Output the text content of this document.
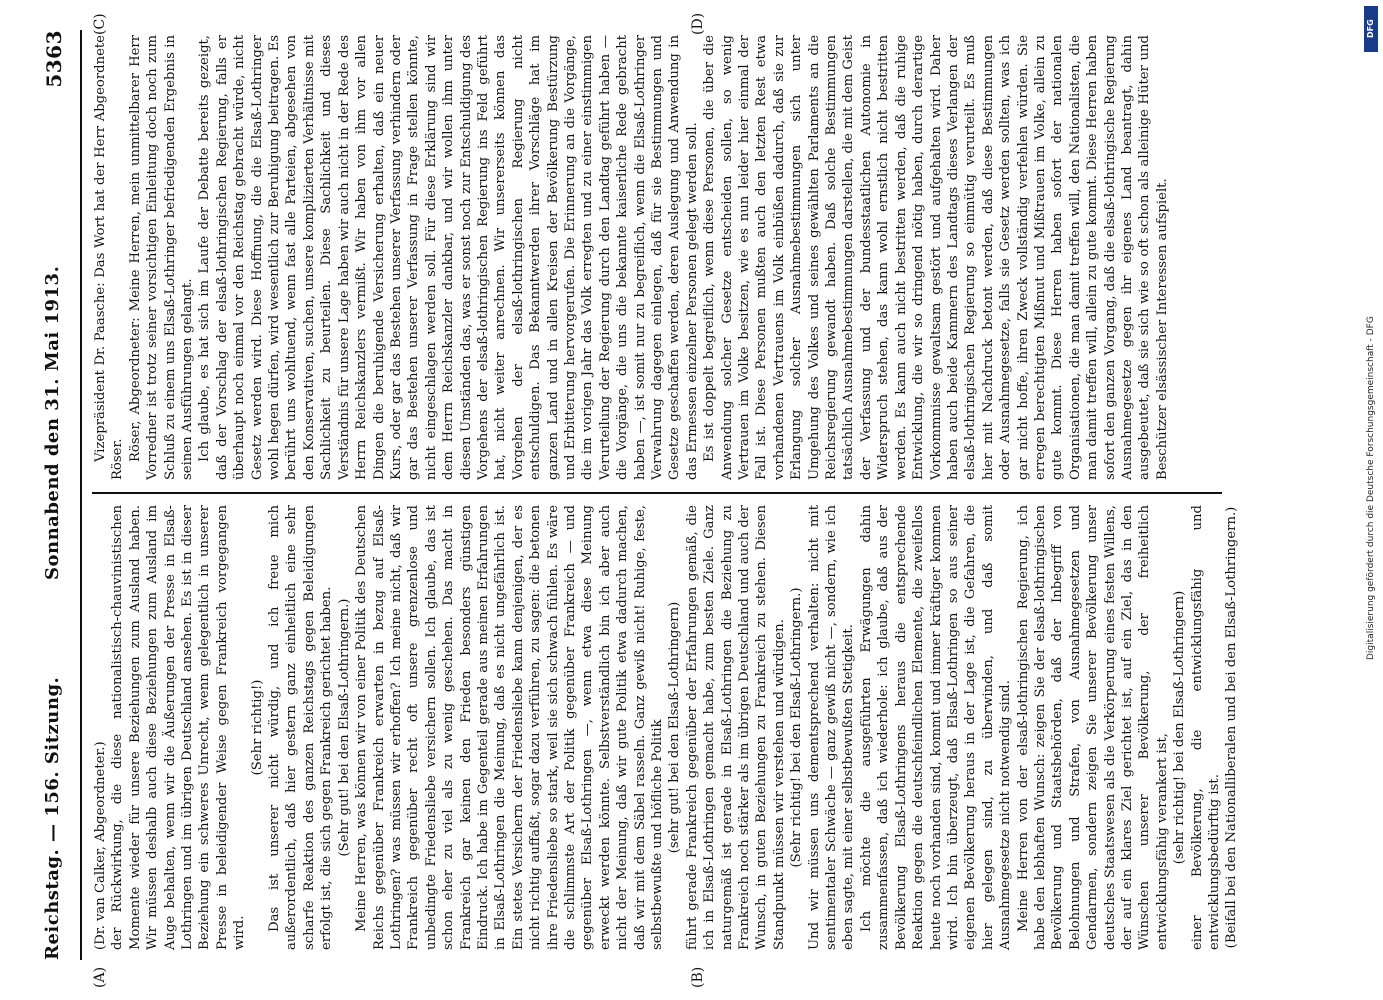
Reichstag. — 156. Sitzung.
Sonnabend den 31. Mai 1913.
5363
(A)	(B)
(C)	(D)

(Dr. van Calker, Abgeordneter.) der Rückwirkung, die diese nationalistisch-chauvinistischen Momente wieder für unsere Beziehungen zum Ausland haben. Wir müssen deshalb auch diese Beziehungen zum Ausland im Auge behalten, wenn wir die Äußerungen der Presse in Elsaß-Lothringen und im übrigen Deutschland ansehen. Es ist in dieser Beziehung ein schweres Unrecht, wenn gelegentlich in unserer Presse in beleidigender Weise gegen Frankreich vorgegangen wird.

(Sehr richtig!) Das ist unserer nicht würdig, und ich freue mich außerordentlich, daß hier gestern ganz einheitlich eine sehr scharfe Reaktion des ganzen Reichstags gegen Beleidigungen erfolgt ist, die sich gegen Frankreich gerichtet haben. (Sehr gut! bei den Elsaß-Lothringern.) Meine Herren, was können wir von einer Politik des Deutschen Reichs gegenüber Frankreich erwarten in bezug auf Elsaß-Lothringen? was müssen wir erhoffen? Ich meine nicht, daß wir Frankreich gegenüber recht oft unsere grenzenlose und unbedingte Friedensliebe versichern sollen. Ich glaube, das ist schon eher zu viel als zu wenig geschehen. Das macht in Frankreich gar keinen den Frieden besonders günstigen Eindruck. Ich habe im Gegenteil gerade aus meinen Erfahrungen in Elsaß-Lothringen die Meinung, daß es nicht ungefährlich ist. Ein stetes Versichern der Friedensliebe kann denjenigen, der es nicht richtig auffaßt, sogar dazu verführen, zu sagen: die betonen ihre Friedensliebe so stark, weil sie sich schwach fühlen. Es wäre die schlimmste Art der Politik gegenüber Frankreich — und gegenüber Elsaß-Lothringen —, wenn etwa diese Meinung erweckt werden könnte. Selbstverständlich bin ich aber auch nicht der Meinung, daß wir gute Politik etwa dadurch machen, daß wir mit dem Säbel rasseln. Ganz gewiß nicht! Ruhige, feste, selbstbewußte und höfliche Politik (sehr gut! bei den Elsaß-Lothringern) führt gerade Frankreich gegenüber der Erfahrungen gemäß, die ich in Elsaß-Lothringen gemacht habe, zum besten Ziele. Ganz naturgemäß ist gerade in Elsaß-Lothringen die Beziehung zu Frankreich noch stärker als im übrigen Deutschland und auch der Wunsch, in guten Beziehungen zu Frankreich zu stehen. Diesen Standpunkt müssen wir verstehen und würdigen. (Sehr richtig! bei den Elsaß-Lothringern.) Und wir müssen uns dementsprechend verhalten: nicht mit sentimentaler Schwäche — ganz gewiß nicht —, sondern, wie ich eben sagte, mit einer selbstbewußten Stetigkeit. Ich möchte die ausgeführten Erwägungen dahin zusammenfassen, daß ich wiederhole: ich glaube, daß aus der Bevölkerung Elsaß-Lothringens heraus die entsprechende Reaktion gegen die deutschfeindlichen Elemente, die zweifellos heute noch vorhanden sind, kommt und immer kräftiger kommen wird. Ich bin überzeugt, daß Elsaß-Lothringen so aus seiner eigenen Bevölkerung heraus in der Lage ist, die Gefahren, die hier gelegen sind, zu überwinden, und daß somit Ausnahmegesetze nicht notwendig sind. Meine Herren von der elsaß-lothringischen Regierung, ich habe den lebhaften Wunsch: zeigen Sie der elsaß-lothringischen Bevölkerung und Staatsbehörden, daß der Inbegriff von Belohnungen und Strafen, von Ausnahmegesetzen und Gendarmen, sondern zeigen Sie unserer Bevölkerung unser deutsches Staatswesen als die Verkörperung eines festen Willens, der auf ein klares Ziel gerichtet ist, auf ein Ziel, das in den Wünschen unserer Bevölkerung, der freiheitlich entwicklungsfähig verankert ist, (sehr richtig! bei den Elsaß-Lothringern) einer Bevölkerung, die entwicklungsfähig und entwicklungsbedürftig ist. (Beifall bei den Nationalliberalen und bei den Elsaß-Lothringern.)

Vizepräsident Dr. Paasche: Das Wort hat der Herr Abgeordnete Röser. Röser, Abgeordneter: Meine Herren, mein unmittelbarer Herr Vorredner ist trotz seiner vorsichtigen Einleitung doch noch zum Schluß zu einem uns Elsaß-Lothringer befriedigenden Ergebnis in seinen Ausführungen gelangt. Ich glaube, es hat sich im Laufe der Debatte bereits gezeigt, daß der Vorschlag der elsaß-lothringischen Regierung, falls er überhaupt noch einmal vor den Reichstag gebracht würde, nicht Gesetz werden wird. Diese Hoffnung, die die Elsaß-Lothringer wohl hegen dürfen, wird wesentlich zur Beruhigung beitragen. Es berührt uns wohltuend, wenn fast alle Parteien, abgesehen von den Konservativen, suchen, unsere komplizierten Verhältnisse mit Sachlichkeit zu beurteilen. Diese Sachlichkeit und dieses Verständnis für unsere Lage haben wir auch nicht in der Rede des Herrn Reichskanzlers vermißt. Wir haben von ihm vor allen Dingen die beruhigende Versicherung erhalten, daß ein neuer Kurs, oder gar das Bestehen unserer Verfassung verhindern oder gar das Bestehen unserer Verfassung in Frage stellen könnte, nicht eingeschlagen werden soll. Für diese Erklärung sind wir dem Herrn Reichskanzler dankbar, und wir wollen ihm unter diesen Umständen das, was er sonst noch zur Entschuldigung des Vorgehens der elsaß-lothringischen Regierung ins Feld geführt hat, nicht weiter anrechnen. Wir unsererseits können das Vorgehen der elsaß-lothringischen Regierung nicht entschuldigen. Das Bekanntwerden ihrer Vorschläge hat im ganzen Land und in allen Kreisen der Bevölkerung Bestürzung und Erbitterung hervorgerufen. Die Erinnerung an die Vorgänge, die im vorigen Jahr das Volk erregten und zu einer einstimmigen Verurteilung der Regierung durch den Landtag geführt haben — die Vorgänge, die uns die bekannte kaiserliche Rede gebracht haben —, ist somit nur zu begreiflich, wenn die Elsaß-Lothringer Verwahrung dagegen einlegen, daß für sie Bestimmungen und Gesetze geschaffen werden, deren Auslegung und Anwendung in das Ermessen einzelner Personen gelegt werden soll. Es ist doppelt begreiflich, wenn diese Personen, die über die Anwendung solcher Gesetze entscheiden sollen, so wenig Vertrauen im Volke besitzen, wie es nun leider hier einmal der Fall ist. Diese Personen mußten auch den letzten Rest etwa vorhandenen Vertrauens im Volk einbüßen dadurch, daß sie zur Erlangung solcher Ausnahmebestimmungen sich unter Umgehung des Volkes und seines gewählten Parlaments an die Reichsregierung gewandt haben. Daß solche Bestimmungen tatsächlich Ausnahmebestimmungen darstellen, die mit dem Geist der Verfassung und der bundesstaatlichen Autonomie in Widerspruch stehen, das kann wohl ernstlich nicht bestritten werden. Es kann auch nicht bestritten werden, daß die ruhige Entwicklung, die wir so dringend nötig haben, durch derartige Vorkommnisse gewaltsam gestört und aufgehalten wird. Daher haben auch beide Kammern des Landtags dieses Verlangen der elsaß-lothringischen Regierung so einmütig verurteilt. Es muß hier mit Nachdruck betont werden, daß diese Bestimmungen oder Ausnahmegesetze, falls sie Gesetz werden sollten, was ich gar nicht hoffe, ihren Zweck vollständig verfehlen würden. Sie erregen berechtigten Mißmut und Mißtrauen im Volke, allein zu gute kommt. Diese Herren haben sofort der nationalen Organisationen, die man damit treffen will, den Nationalisten, die man damit treffen will, allein zu gute kommt. Diese Herren haben sofort den ganzen Vorgang, daß die elsaß-lothringische Regierung Ausnahmegesetze gegen ihr eigenes Land beantragt, dahin ausgebeutet, daß sie sich wie so oft schon als alleinige Hüter und Beschützer elsässischer Interessen aufspielt.

DFG
Digitalisierung gefördert durch die Deutsche Forschungsgemeinschaft - DFG
